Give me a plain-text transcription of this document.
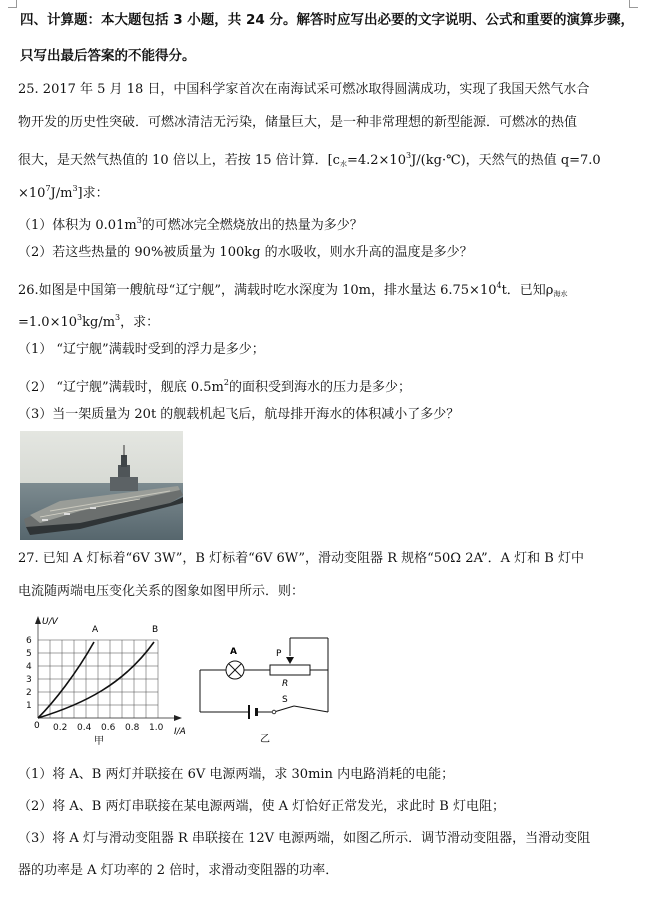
四、计算题：本大题包括 3 小题，共 24 分。解答时应写出必要的文字说明、公式和重要的演算步骤，
只写出最后答案的不能得分。
25. 2017 年 5 月 18 日，中国科学家首次在南海试采可燃冰取得圆满成功，实现了我国天然气水合
物开发的历史性突破．可燃冰清洁无污染，储量巨大，是一种非常理想的新型能源．可燃冰的热值
很大，是天然气热值的 10 倍以上，若按 15 倍计算．[$c_水=4.2\times 10^3J/(kg\cdot℃)$，天然气的热值 q=7.0
$\times 10^7J/m^3$]求：
（1）体积为 $0.01m^3$的可燃冰完全燃烧放出的热量为多少？
（2）若这些热量的 90%被质量为 100kg 的水吸收，则水升高的温度是多少？
26.如图是中国第一艘航母“辽宁舰”，满载时吃水深度为 10m，排水量达 $6.75\times 10^4t$．已知$\rho_{海水}$
$=1.0\times 10^3kg/m^3$，求：
（1） “辽宁舰”满载时受到的浮力是多少；
（2） “辽宁舰”满载时，舰底 $0.5m^2$的面积受到海水的压力是多少；
（3）当一架质量为 20t 的舰载机起飞后，航母排开海水的体积减小了多少？
27. 已知 A 灯标着“6V 3W”，B 灯标着“6V 6W”，滑动变阻器 R 规格“50Ω 2A”．A 灯和 B 灯中
电流随两端电压变化关系的图象如图甲所示．则：
1
2
3
4
5
6
0.2 0.4 0.6 0.8 1.0
U/V
I/A
0
A	B
甲
A	P
R
S
乙
（1）将 A、B 两灯并联接在 6V 电源两端，求 30min 内电路消耗的电能；
（2）将 A、B 两灯串联接在某电源两端，使 A 灯恰好正常发光，求此时 B 灯电阻；
（3）将 A 灯与滑动变阻器 R 串联接在 12V 电源两端，如图乙所示．调节滑动变阻器，当滑动变阻
器的功率是 A 灯功率的 2 倍时，求滑动变阻器的功率．
